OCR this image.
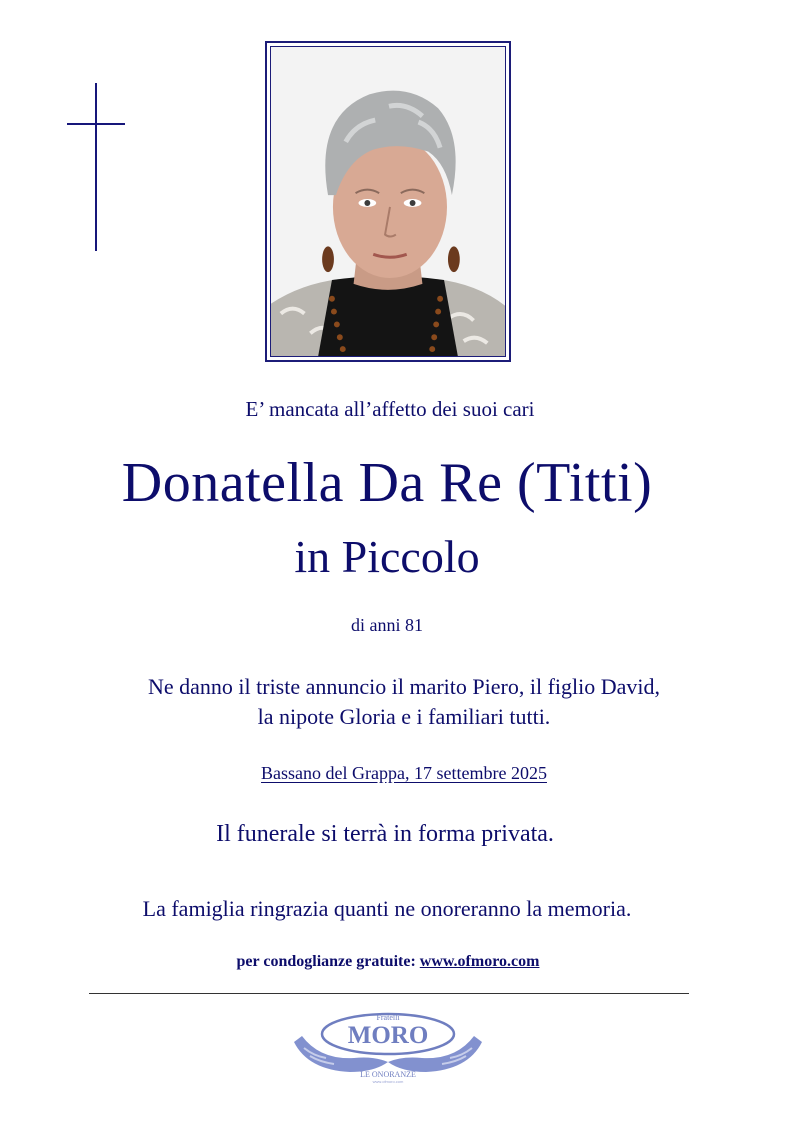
E’ mancata all’affetto dei suoi cari
Donatella Da Re (Titti)
in Piccolo
di anni 81
Ne danno il triste annuncio il marito Piero, il figlio David,
la nipote Gloria e i familiari tutti.
Bassano del Grappa, 17 settembre 2025
Il funerale si terrà in forma privata.
La famiglia ringrazia quanti ne onoreranno la memoria.
per condoglianze gratuite: www.ofmoro.com
Fratelli
MORO
LE ONORANZE
www.ofmoro.com
